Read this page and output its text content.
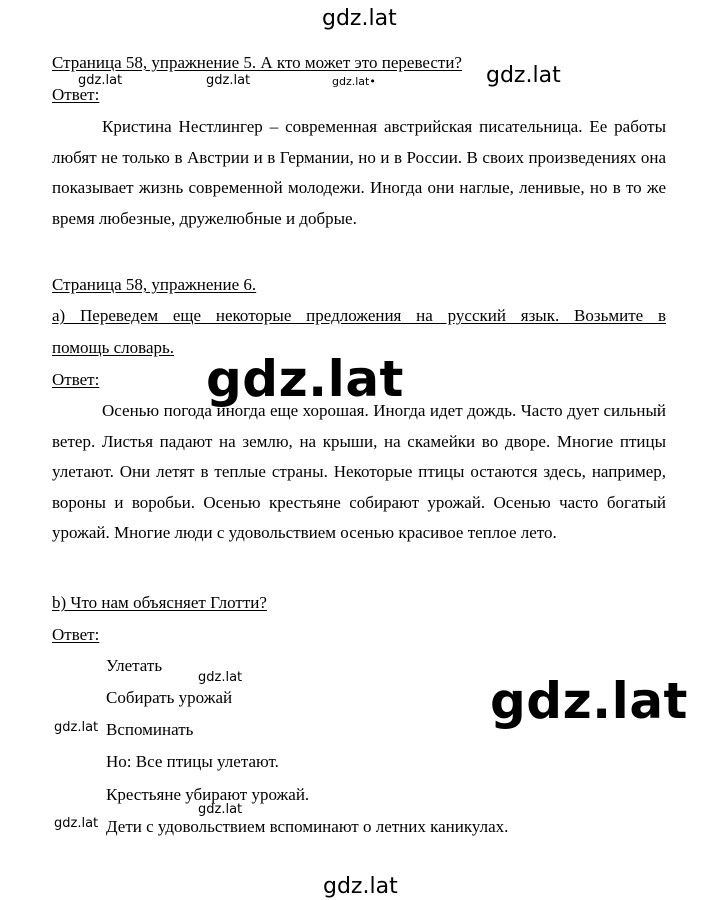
gdz.lat
gdz.lat	gdz.lat	gdz.lat•	gdz.lat
gdz.lat
gdz.lat
gdz.lat
gdz.lat
gdz.lat
gdz.lat
gdz.lat
Страница 58, упражнение 5. А кто может это перевести?
Ответ:
Кристина Нестлингер – современная австрийская писательница. Ее работы любят не только в Австрии и в Германии, но и в России. В своих произведениях она показывает жизнь современной молодежи. Иногда они наглые, ленивые, но в то же время любезные, дружелюбные и добрые.
Страница 58, упражнение 6.
a) Переведем еще некоторые предложения на русский язык. Возьмите в
помощь словарь.
Ответ:
Осенью погода иногда еще хорошая. Иногда идет дождь. Часто дует сильный ветер. Листья падают на землю, на крыши, на скамейки во дворе. Многие птицы улетают. Они летят в теплые страны. Некоторые птицы остаются здесь, например, вороны и воробьи. Осенью крестьяне собирают урожай. Осенью часто богатый урожай. Многие люди с удовольствием осенью красивое теплое лето.
b) Что нам объясняет Глотти?
Ответ:
Улетать
Собирать урожай
Вспоминать
Но: Все птицы улетают.
Крестьяне убирают урожай.
Дети с удовольствием вспоминают о летних каникулах.
